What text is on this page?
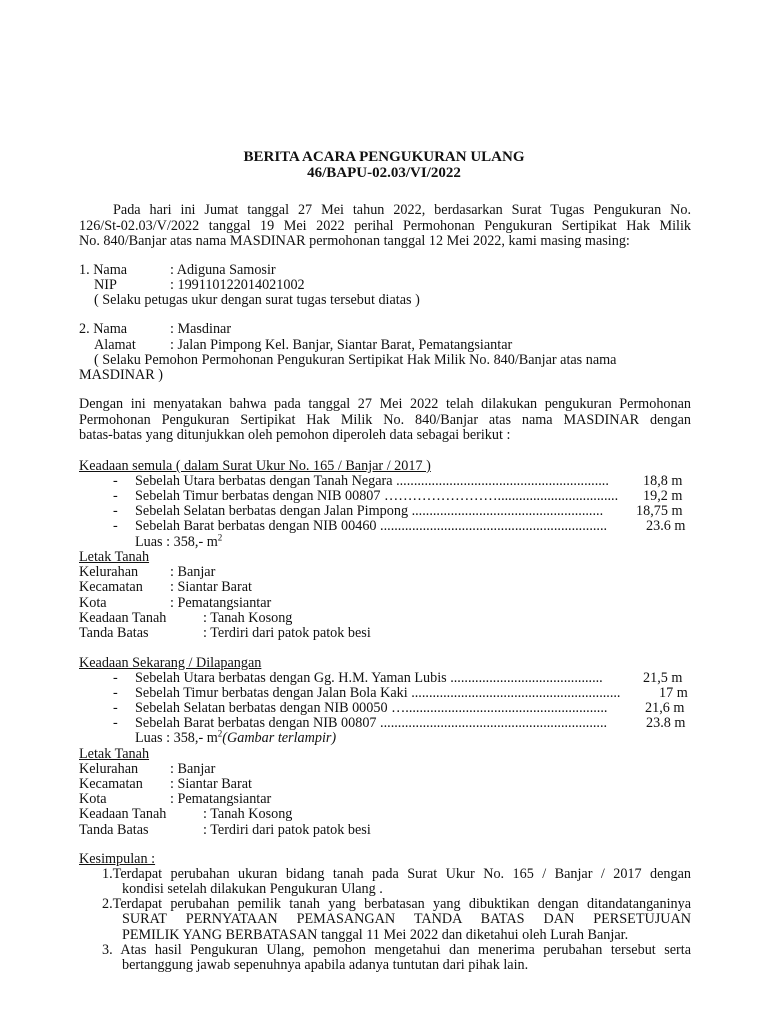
BERITA ACARA PENGUKURAN ULANG
46/BAPU-02.03/VI/2022
Pada hari ini Jumat tanggal 27 Mei tahun 2022, berdasarkan Surat Tugas Pengukuran No.
126/St-02.03/V/2022 tanggal 19 Mei 2022 perihal Permohonan Pengukuran Sertipikat Hak Milik
No. 840/Banjar atas nama MASDINAR permohonan tanggal 12 Mei 2022, kami masing masing:
1. Nama	: Adiguna Samosir
NIP	: 199110122014021002
( Selaku petugas ukur dengan surat tugas tersebut diatas )
2. Nama	: Masdinar
Alamat : Jalan Pimpong Kel. Banjar, Siantar Barat, Pematangsiantar
( Selaku Pemohon Permohonan Pengukuran Sertipikat Hak Milik No. 840/Banjar atas nama
MASDINAR )
Dengan ini menyatakan bahwa pada tanggal 27 Mei 2022 telah dilakukan pengukuran Permohonan
Permohonan Pengukuran Sertipikat Hak Milik No. 840/Banjar atas nama MASDINAR dengan
batas-batas yang ditunjukkan oleh pemohon diperoleh data sebagai berikut :
Keadaan semula ( dalam Surat Ukur No. 165 / Banjar / 2017 )
- Sebelah Utara berbatas dengan Tanah Negara ............................................................ 18,8 m
- Sebelah Timur berbatas dengan NIB 00807 …………………….................................. 19,2 m
- Sebelah Selatan berbatas dengan Jalan Pimpong ...................................................... 18,75 m
- Sebelah Barat berbatas dengan NIB 00460 ................................................................	23.6 m
Luas : 358,- $m^2$
Letak Tanah
Kelurahan : Banjar
Kecamatan : Siantar Barat
Kota	: Pematangsiantar
Keadaan Tanah	: Tanah Kosong
Tanda Batas	: Terdiri dari patok patok besi
Keadaan Sekarang / Dilapangan
- Sebelah Utara berbatas dengan Gg. H.M. Yaman Lubis ...........................................	21,5 m
- Sebelah Timur berbatas dengan Jalan Bola Kaki ...........................................................	17 m
- Sebelah Selatan berbatas dengan NIB 00050 ….........................................................	21,6 m
- Sebelah Barat berbatas dengan NIB 00807 ................................................................	23.8 m
Luas : 358,- $m^2(Gambar$ terlampir)
Letak Tanah
Kelurahan : Banjar
Kecamatan : Siantar Barat
Kota	: Pematangsiantar
Keadaan Tanah	: Tanah Kosong
Tanda Batas	: Terdiri dari patok patok besi
Kesimpulan :
1.Terdapat perubahan ukuran bidang tanah pada Surat Ukur No. 165 / Banjar / 2017 dengan
kondisi setelah dilakukan Pengukuran Ulang .
2.Terdapat perubahan pemilik tanah yang berbatasan yang dibuktikan dengan ditandatanganinya
SURAT PERNYATAAN PEMASANGAN TANDA BATAS DAN PERSETUJUAN
PEMILIK YANG BERBATASAN tanggal 11 Mei 2022 dan diketahui oleh Lurah Banjar.
3. Atas hasil Pengukuran Ulang, pemohon mengetahui dan menerima perubahan tersebut serta
bertanggung jawab sepenuhnya apabila adanya tuntutan dari pihak lain.
